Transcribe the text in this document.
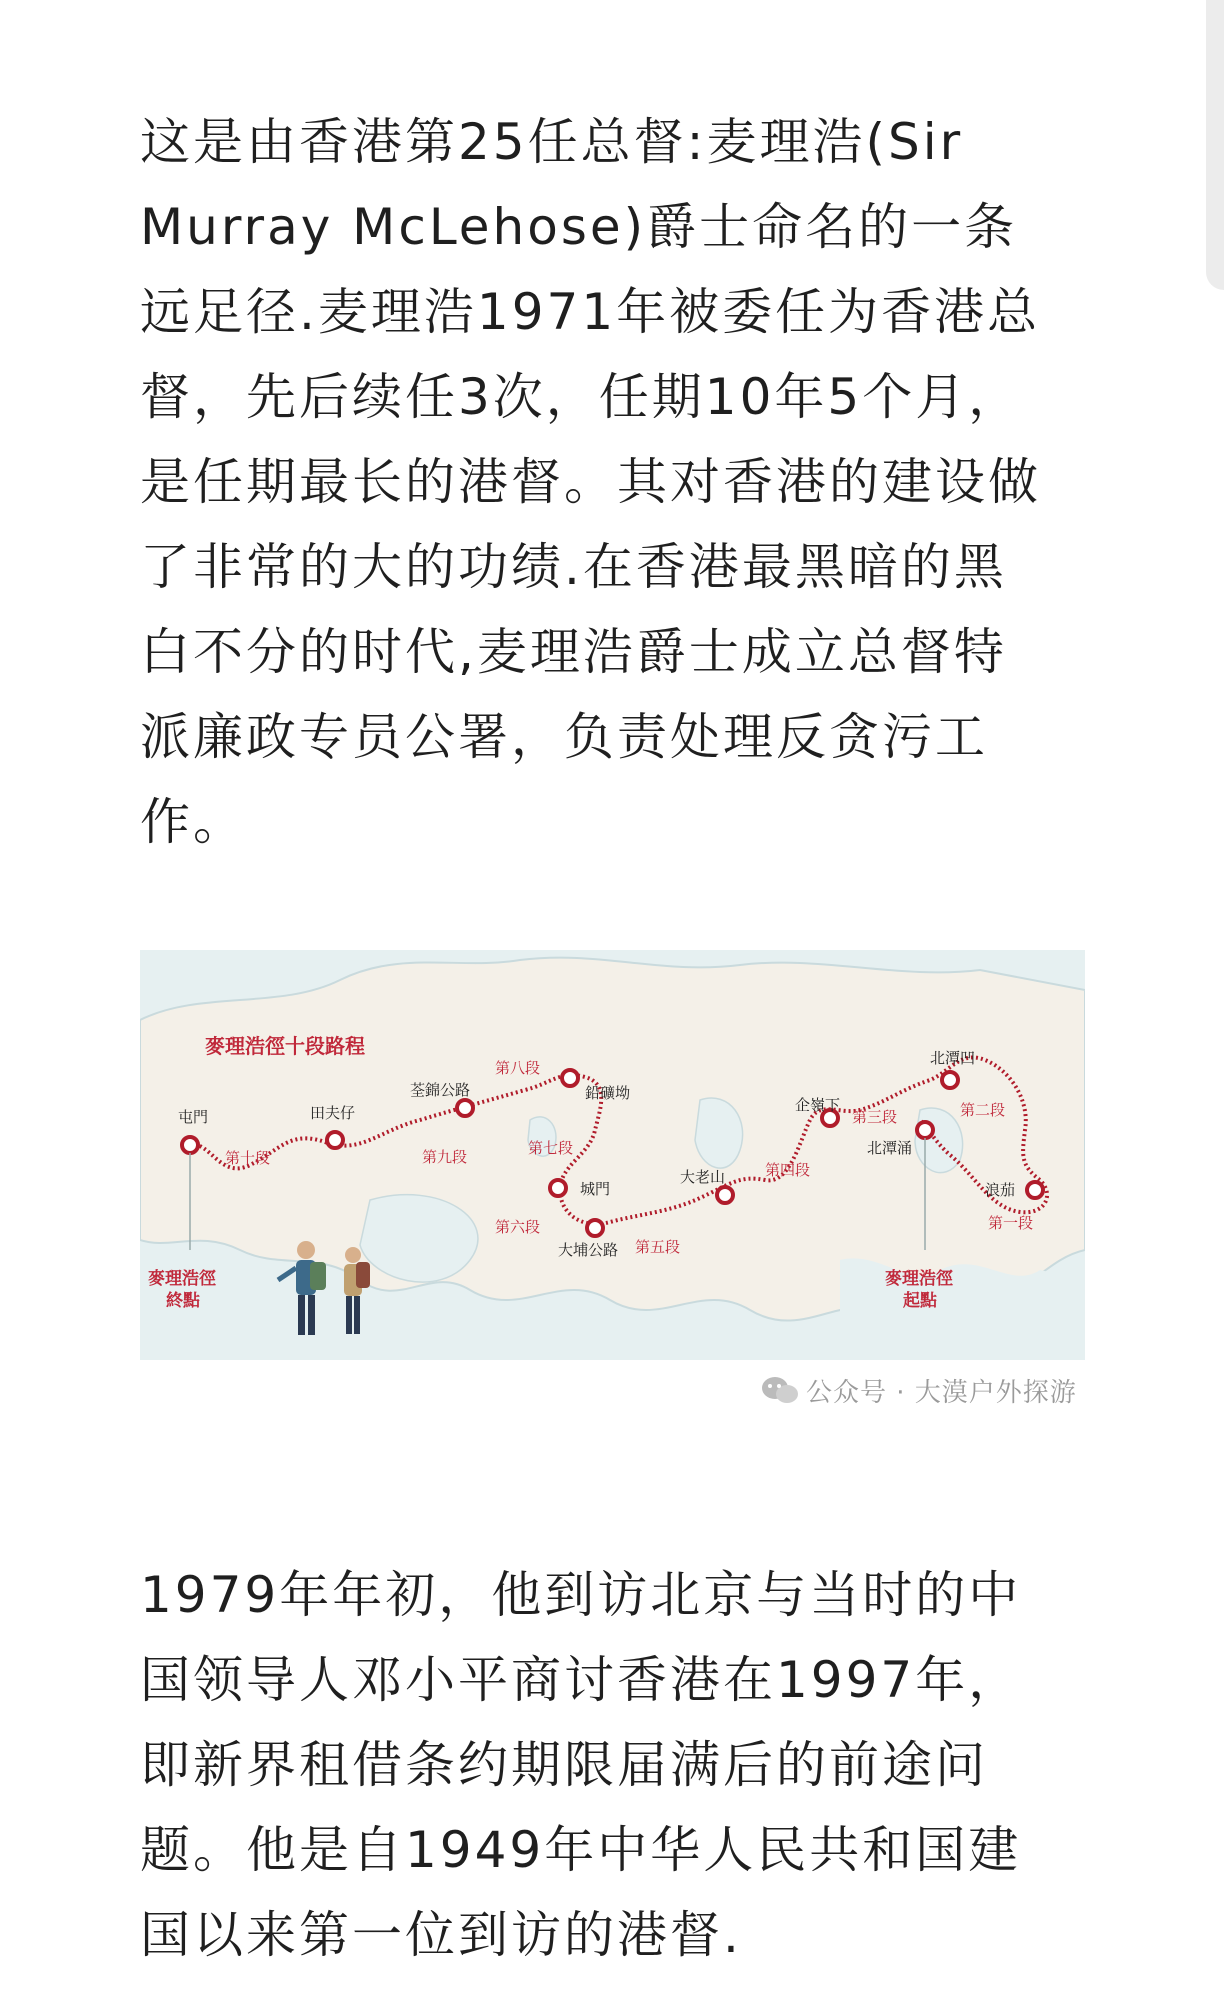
这是由香港第25任总督:麦理浩(Sir
Murray McLehose)爵士命名的一条
远足径.麦理浩1971年被委任为香港总
督，先后续任3次，任期10年5个月，
是任期最长的港督。其对香港的建设做
了非常的大的功绩.在香港最黑暗的黑
白不分的时代,麦理浩爵士成立总督特
派廉政专员公署，负责处理反贪污工
作。
麥理浩徑十段路程
屯門	田夫仔
荃錦公路	鉛礦坳
城門
大埔公路
大老山
企嶺下
北潭凹
北潭涌
浪茄
第一段
第二段
第三段
第四段
第五段
第六段
第七段
第八段
第九段
第十段
麥理浩徑
終點
麥理浩徑
起點
公众号 · 大漠户外探游
1979年年初，他到访北京与当时的中
国领导人邓小平商讨香港在1997年，
即新界租借条约期限届满后的前途问
题。他是自1949年中华人民共和国建
国以来第一位到访的港督.
